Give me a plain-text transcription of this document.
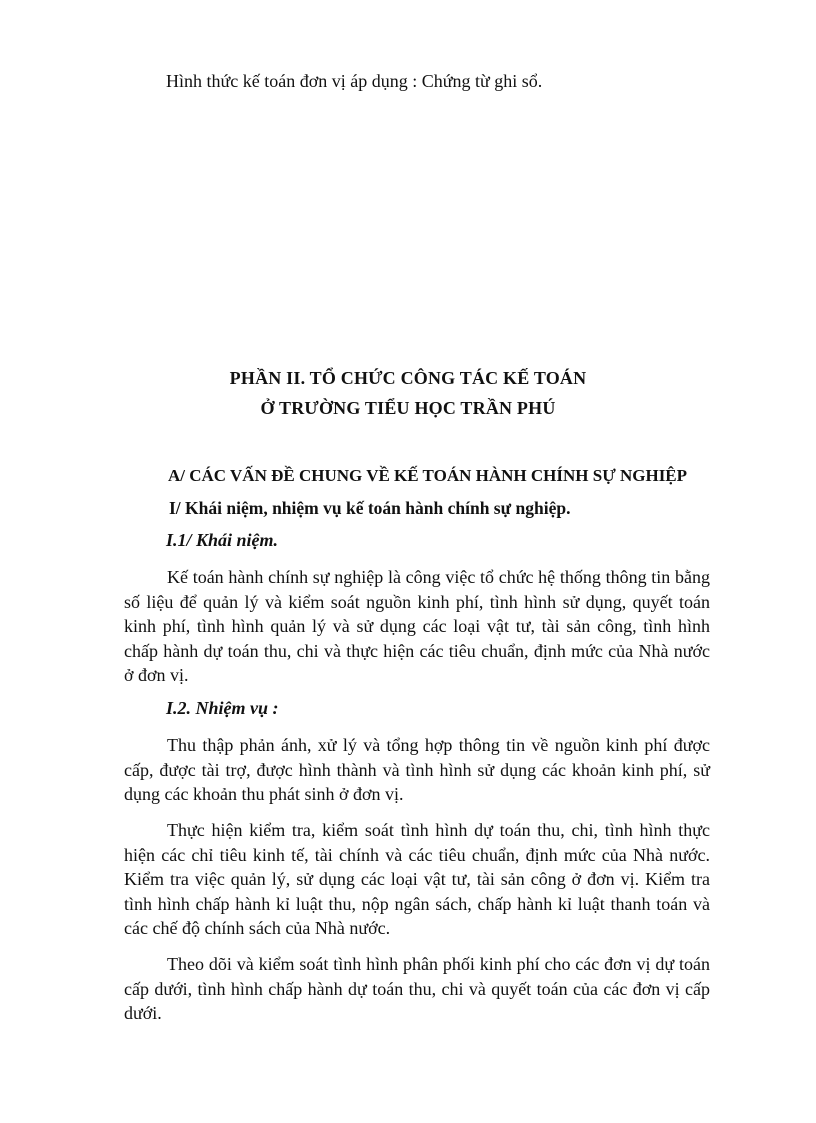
Hình thức kế toán đơn vị áp dụng : Chứng từ ghi sổ.
PHẦN II. TỔ CHỨC CÔNG TÁC KẾ TOÁN
Ở TRƯỜNG TIỂU HỌC TRẦN PHÚ
A/ CÁC VẤN ĐỀ CHUNG VỀ KẾ TOÁN HÀNH CHÍNH SỰ NGHIỆP
I/ Khái niệm, nhiệm vụ kế toán hành chính sự nghiệp.
I.1/ Khái niệm.

Kế toán hành chính sự nghiệp là công việc tổ chức hệ thống thông tin bằng số liệu để quản lý và kiểm soát nguồn kinh phí, tình hình sử dụng, quyết toán kinh phí, tình hình quản lý và sử dụng các loại vật tư, tài sản công, tình hình chấp hành dự toán thu, chi và thực hiện các tiêu chuẩn, định mức của Nhà nước ở đơn vị.

I.2. Nhiệm vụ :

Thu thập phản ánh, xử lý và tổng hợp thông tin về nguồn kinh phí được cấp, được tài trợ, được hình thành và tình hình sử dụng các khoản kinh phí, sử dụng các khoản thu phát sinh ở đơn vị.

Thực hiện kiểm tra, kiểm soát tình hình dự toán thu, chi, tình hình thực hiện các chỉ tiêu kinh tế, tài chính và các tiêu chuẩn, định mức của Nhà nước. Kiểm tra việc quản lý, sử dụng các loại vật tư, tài sản công ở đơn vị. Kiểm tra tình hình chấp hành kỉ luật thu, nộp ngân sách, chấp hành kỉ luật thanh toán và các chế độ chính sách của Nhà nước.

Theo dõi và kiểm soát tình hình phân phối kinh phí cho các đơn vị dự toán cấp dưới, tình hình chấp hành dự toán thu, chi và quyết toán của các đơn vị cấp dưới.
